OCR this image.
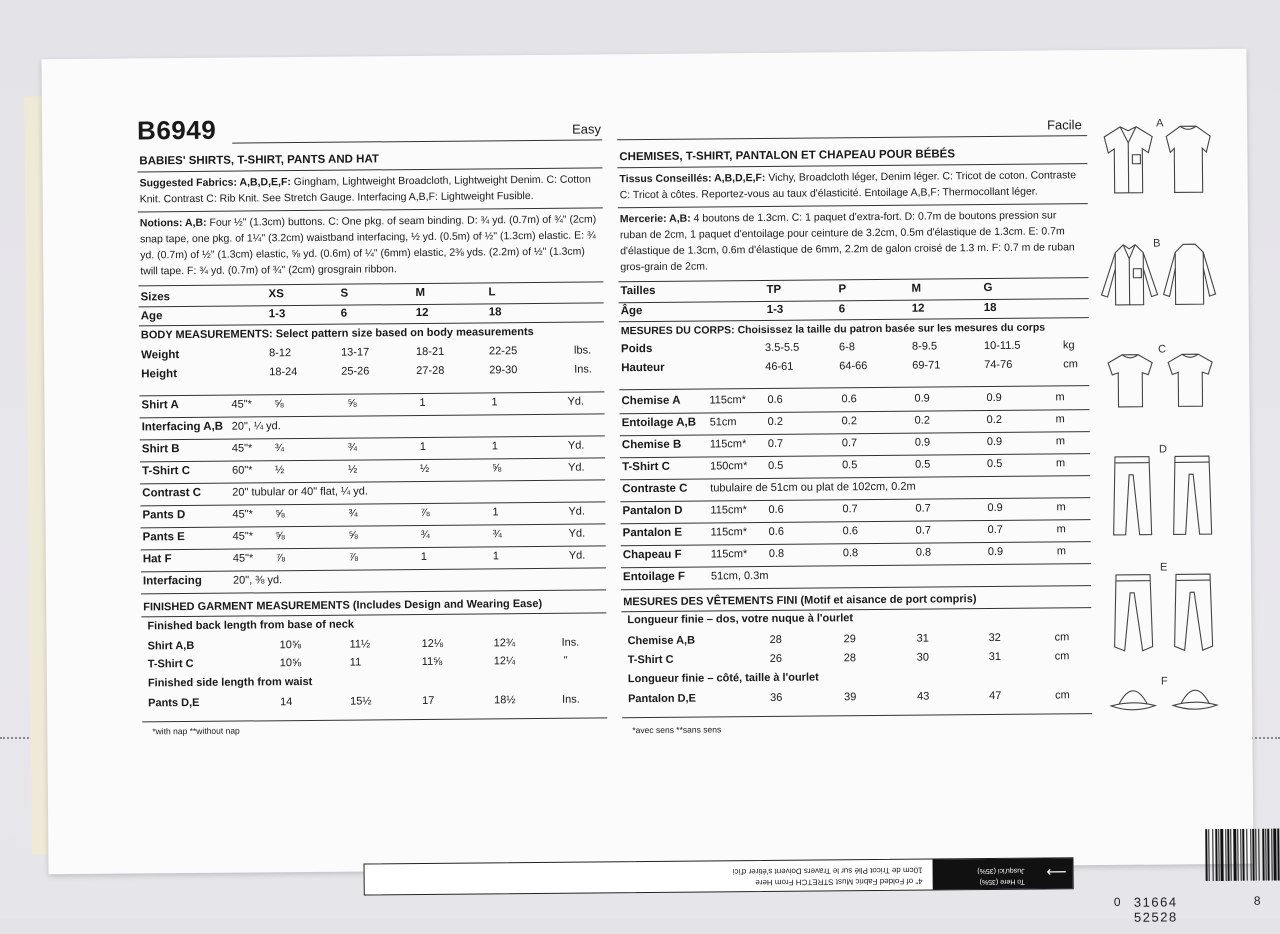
B6949	Easy
BABIES' SHIRTS, T-SHIRT, PANTS AND HAT
Suggested Fabrics: A,B,D,E,F: Gingham, Lightweight Broadcloth, Lightweight Denim. C: Cotton Knit. Contrast C: Rib Knit. See Stretch Gauge. Interfacing A,B,F: Lightweight Fusible.
Notions: A,B: Four ½" (1.3cm) buttons. C: One pkg. of seam binding. D: ¾ yd. (0.7m) of ¾" (2cm) snap tape, one pkg. of 1¼" (3.2cm) waistband interfacing, ½ yd. (0.5m) of ½" (1.3cm) elastic. E: ¾ yd. (0.7m) of ½" (1.3cm) elastic, ⅝ yd. (0.6m) of ¼" (6mm) elastic, 2⅜ yds. (2.2m) of ½" (1.3cm) twill tape. F: ¾ yd. (0.7m) of ¾" (2cm) grosgrain ribbon.
Sizes	XS	S	M	L
Age	1-3	6	12	18
BODY MEASUREMENTS: Select pattern size based on body measurements
Weight	8-12	13-17	18-21	22-25	lbs.
Height	18-24	25-26	27-28	29-30	Ins.
Shirt A	45"* ⅝	⅝	1	1	Yd.
Interfacing A,B 20", ¼ yd.
Shirt B	45"* ¾	¾	1	1	Yd.
T-Shirt C	60"* ½	½	½	⅝	Yd.
Contrast C	20" tubular or 40" flat, ¼ yd.
Pants D	45"* ⅝	¾	⅞	1	Yd.
Pants E	45"* ⅝	⅝	¾	¾	Yd.
Hat F	45"* ⅞	⅞	1	1	Yd.
Interfacing	20", ⅜ yd.
FINISHED GARMENT MEASUREMENTS (Includes Design and Wearing Ease)
Finished back length from base of neck
Shirt A,B	10⅝	11½	12⅛	12¾	Ins.
T-Shirt C	10⅝	11	11⅝	12¼	"
Finished side length from waist
Pants D,E	14	15½	17	18½	Ins.
*with nap **without nap
Facile
CHEMISES, T-SHIRT, PANTALON ET CHAPEAU POUR BÉBÉS
Tissus Conseillés: A,B,D,E,F: Vichy, Broadcloth léger, Denim léger. C: Tricot de coton. Contraste C: Tricot à côtes. Reportez-vous au taux d'élasticité. Entoilage A,B,F: Thermocollant léger.
Mercerie: A,B: 4 boutons de 1.3cm. C: 1 paquet d'extra-fort. D: 0.7m de boutons pression sur ruban de 2cm, 1 paquet d'entoilage pour ceinture de 3.2cm, 0.5m d'élastique de 1.3cm. E: 0.7m d'élastique de 1.3cm, 0.6m d'élastique de 6mm, 2.2m de galon croisé de 1.3 m. F: 0.7 m de ruban gros-grain de 2cm.
Tailles	TP	P	M	G
Âge	1-3	6	12	18
MESURES DU CORPS: Choisissez la taille du patron basée sur les mesures du corps
Poids	3.5-5.5	6-8	8-9.5	10-11.5	kg
Hauteur	46-61	64-66	69-71	74-76	cm
Chemise A	115cm* 0.6	0.6	0.9	0.9	m
Entoilage A,B 51cm	0.2	0.2	0.2	0.2	m
Chemise B	115cm* 0.7	0.7	0.9	0.9	m
T-Shirt C	150cm* 0.5	0.5	0.5	0.5	m
Contraste C tubulaire de 51cm ou plat de 102cm, 0.2m
Pantalon D	115cm* 0.6	0.7	0.7	0.9	m
Pantalon E	115cm* 0.6	0.6	0.7	0.7	m
Chapeau F	115cm* 0.8	0.8	0.8	0.9	m
Entoilage F 51cm, 0.3m
MESURES DES VÊTEMENTS FINI (Motif et aisance de port compris)
Longueur finie – dos, votre nuque à l'ourlet
Chemise A,B	28	29	31	32	cm
T-Shirt C	26	28	30	31	cm
Longueur finie – côté, taille à l'ourlet
Pantalon D,E	36	39	43	47	cm
*avec sens **sans sens
A
B
C
D
E
F
0 31664 52528
8
To Here (35%)
Jusqu'ici (35%) ⟶
4" of Folded Fabric Must STRETCH From Here
10cm de Tricot Plié sur le Travers Doivent s'étirer d'ici
